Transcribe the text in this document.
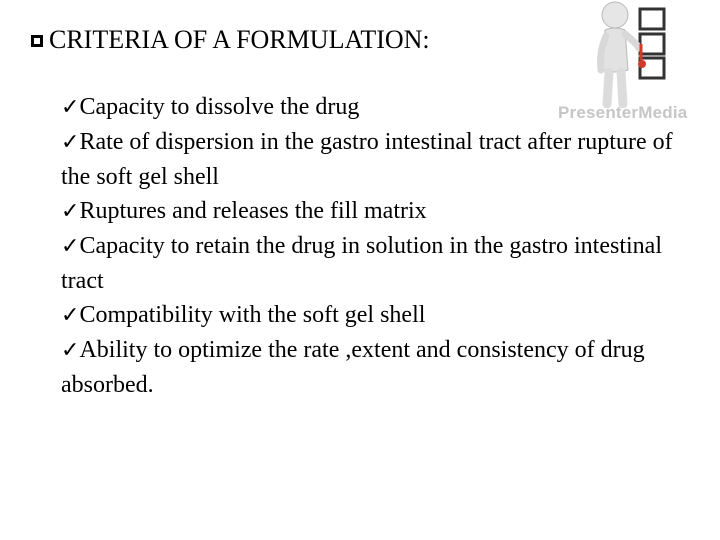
CRITERIA OF A FORMULATION:
PresenterMedia

✓Capacity to dissolve the drug

✓Rate of dispersion in the gastro intestinal tract after rupture of the soft gel shell

✓Ruptures and releases the fill matrix

✓Capacity to retain the drug in solution in the gastro intestinal tract

✓Compatibility with the soft gel shell

✓Ability to optimize the rate ,extent and consistency of drug absorbed.
